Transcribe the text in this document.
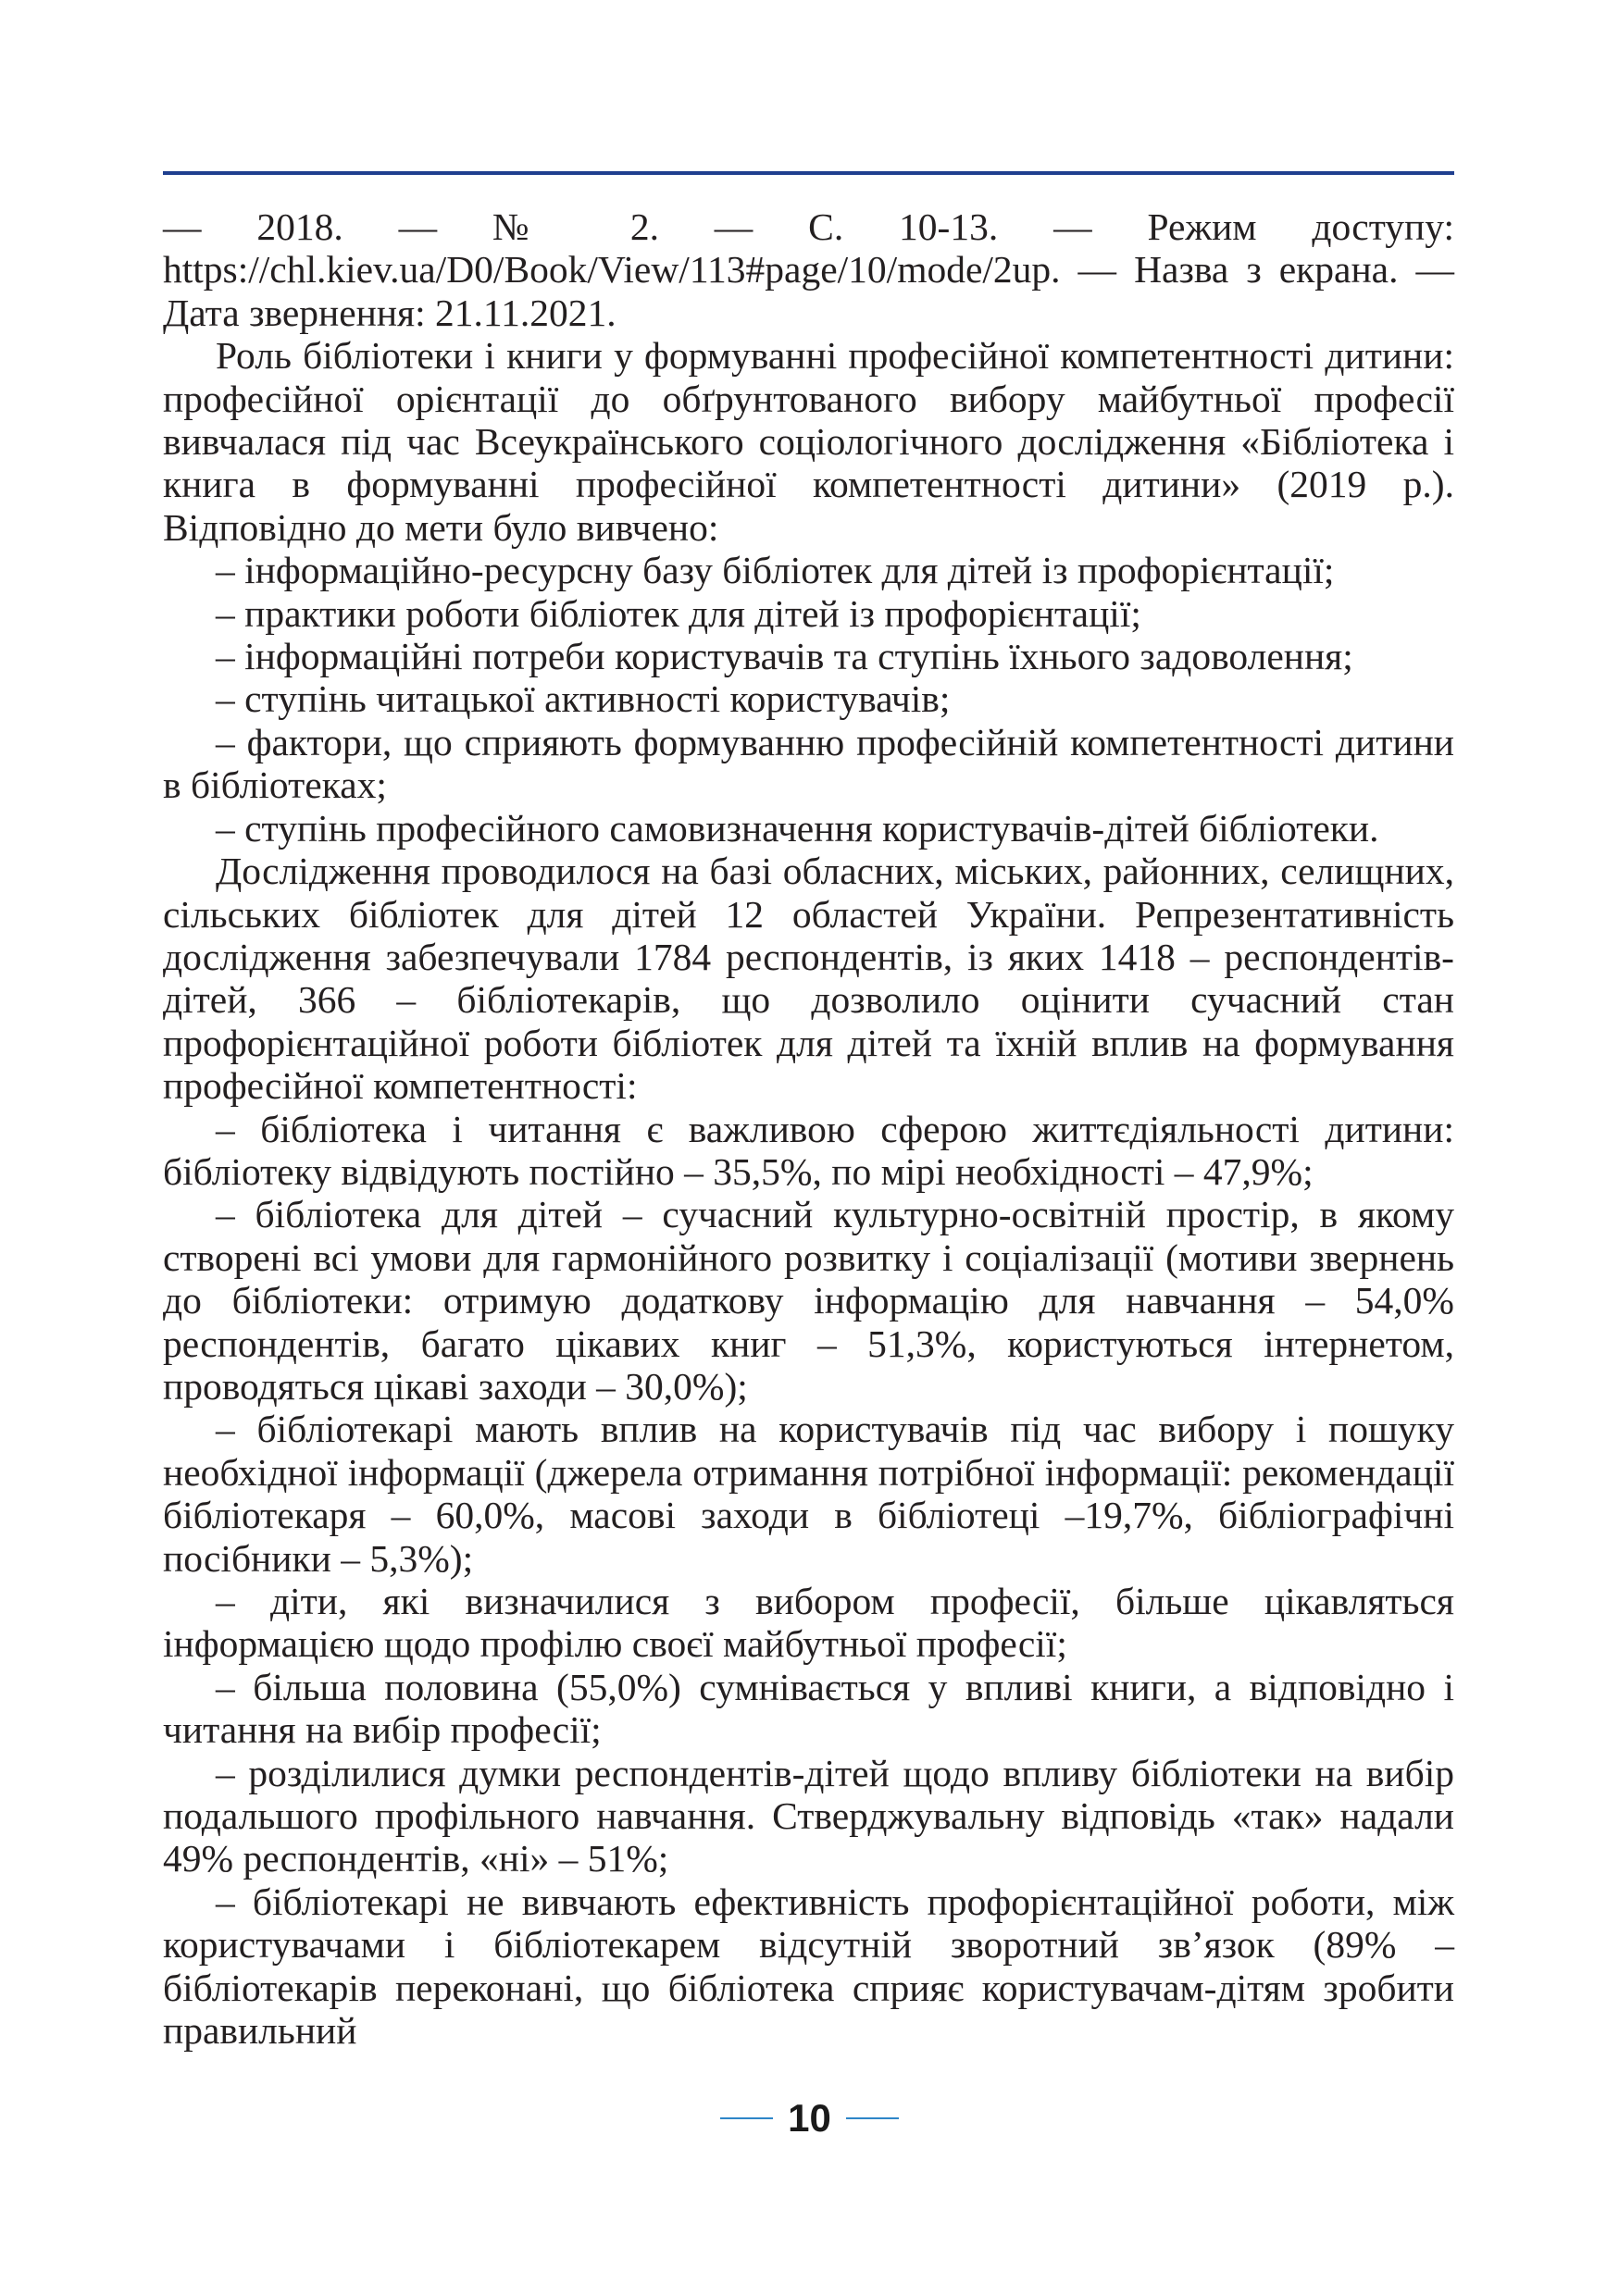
— 2018. — № 2. — С. 10-13. — Режим доступу: https://chl.kiev.ua/D0/Book/View/113#page/10/mode/2up. — Назва з екрана. — Дата звернення: 21.11.2021.

Роль бібліотеки і книги у формуванні професійної компетентності дитини: професійної орієнтації до обґрунтованого вибору майбутньої професії вивчалася під час Всеукраїнського соціологічного дослідження «Бібліотека і книга в формуванні професійної компетентності дитини» (2019 р.). Відповідно до мети було вивчено:

– інформаційно-ресурсну базу бібліотек для дітей із профорієнтації;

– практики роботи бібліотек для дітей із профорієнтації;

– інформаційні потреби користувачів та ступінь їхнього задоволення;

– ступінь читацької активності користувачів;

– фактори, що сприяють формуванню професійній компетентності дитини в бібліотеках;

– ступінь професійного самовизначення користувачів-дітей бібліотеки.

Дослідження проводилося на базі обласних, міських, районних, селищних, сільських бібліотек для дітей 12 областей України. Репрезентативність дослідження забезпечували 1784 респондентів, із яких 1418 – респондентів-дітей, 366 – бібліотекарів, що дозволило оцінити сучасний стан профорієнтаційної роботи бібліотек для дітей та їхній вплив на формування професійної компетентності:

– бібліотека і читання є важливою сферою життєдіяльності дитини: бібліотеку відвідують постійно – 35,5%, по мірі необхідності – 47,9%;

– бібліотека для дітей – сучасний культурно-освітній простір, в якому створені всі умови для гармонійного розвитку і соціалізації (мотиви звернень до бібліотеки: отримую додаткову інформацію для навчання – 54,0% респондентів, багато цікавих книг – 51,3%, користуються інтернетом, проводяться цікаві заходи – 30,0%);

– бібліотекарі мають вплив на користувачів під час вибору і пошуку необхідної інформації (джерела отримання потрібної інформації: рекомендації бібліотекаря – 60,0%, масові заходи в бібліотеці –19,7%, бібліографічні посібники – 5,3%);

– діти, які визначилися з вибором професії, більше цікавляться інформацією щодо профілю своєї майбутньої професії;

– більша половина (55,0%) сумнівається у впливі книги, а відповідно і читання на вибір професії;

– розділилися думки респондентів-дітей щодо впливу бібліотеки на вибір подальшого профільного навчання. Стверджувальну відповідь «так» надали 49% респондентів, «ні» – 51%;

– бібліотекарі не вивчають ефективність профорієнтаційної роботи, між користувачами і бібліотекарем відсутній зворотний зв’язок (89% – бібліотекарів переконані, що бібліотека сприяє користувачам-дітям зробити правильний

10
